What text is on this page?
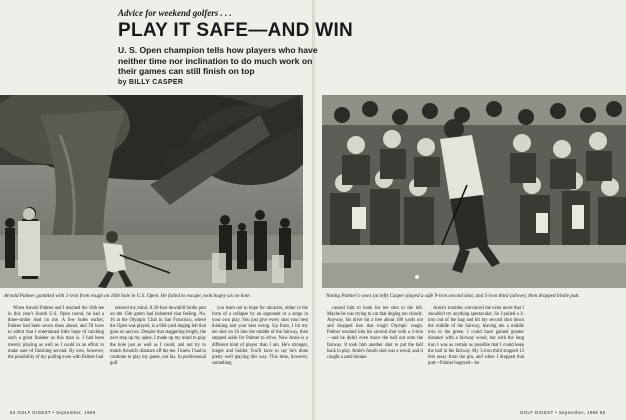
Advice for weekend golfers . . .

PLAY IT SAFE—AND WIN

U. S. Open champion tells how players who have neither time nor inclination to do much work on their games can still finish on top

by BILLY CASPER
Arnold Palmer gambled with 1-iron from rough on 16th hole in U.S. Open. He failed to escape, took bogey six on hole.	Noting Palmer's woes (at left) Casper played a safe 9-iron second shot, and 5-iron third (above), then dropped birdie putt.

When Arnold Palmer and I reached the 16th tee in this year's fourth U.S. Open round, he had a three-stroke lead on me. A few holes earlier, Palmer had been seven shots ahead, and I'll have to admit that I entertained little hope of catching such a great finisher as this man is. I had been merely playing as well as I could in an effort to make sure of finishing second. By now, however, the possibility of my pulling even with Palmer had

entered my mind. A 20-foot downhill birdie putt on the 15th green had bolstered that feeling. No. 16 at the Olympic Club in San Francisco, where the Open was played, is a 604-yard dogleg left that goes on and on. Despite that staggering length, the next step up my spine, I made up my mind to play the hole just as well as I could, and not try to match Arnold's distance off the tee. I knew I had to continue to play my game, not his. In professional golf

you learn not to hope for miracles, either in the form of a collapse by an opponent or a surge in your own play. You just give every shot your best thinking and your best swing. Up front, I hit my tee shot on 16 into the middle of the fairway, then stepped aside for Palmer to drive. Now Arnie is a different kind of player than I am. He's stronger, longer and bolder. You'll have to say he's done pretty well playing this way. This time, however, something

caused him to hook his tee shot to the left. Maybe he was trying to cut that dogleg too closely. Anyway, his drive hit a tree about 180 yards out and dropped into that tough Olympic rough. Palmer reached into his second shot with a 3-iron—and he didn't even move the ball out onto the fairway. It took him another shot to put the ball back in play. Arnie's fourth shot was a wood, and it caught a sand bunker.

Arnie's troubles convinced me even more that I shouldn't try anything spectacular. So I pulled a 3-iron out of the bag and hit my second shot down the middle of the fairway, leaving me a middle iron to the green. I could have gained greater distance with a fairway wood, but with the long iron I was as certain as possible that I could keep the ball in the fairway. My 5-iron third stopped 13 feet away from the pin, and when I dropped that putt—Palmer bogeyed—he

64 GOLF DIGEST • September, 1966	GOLF DIGEST • September, 1966 65
